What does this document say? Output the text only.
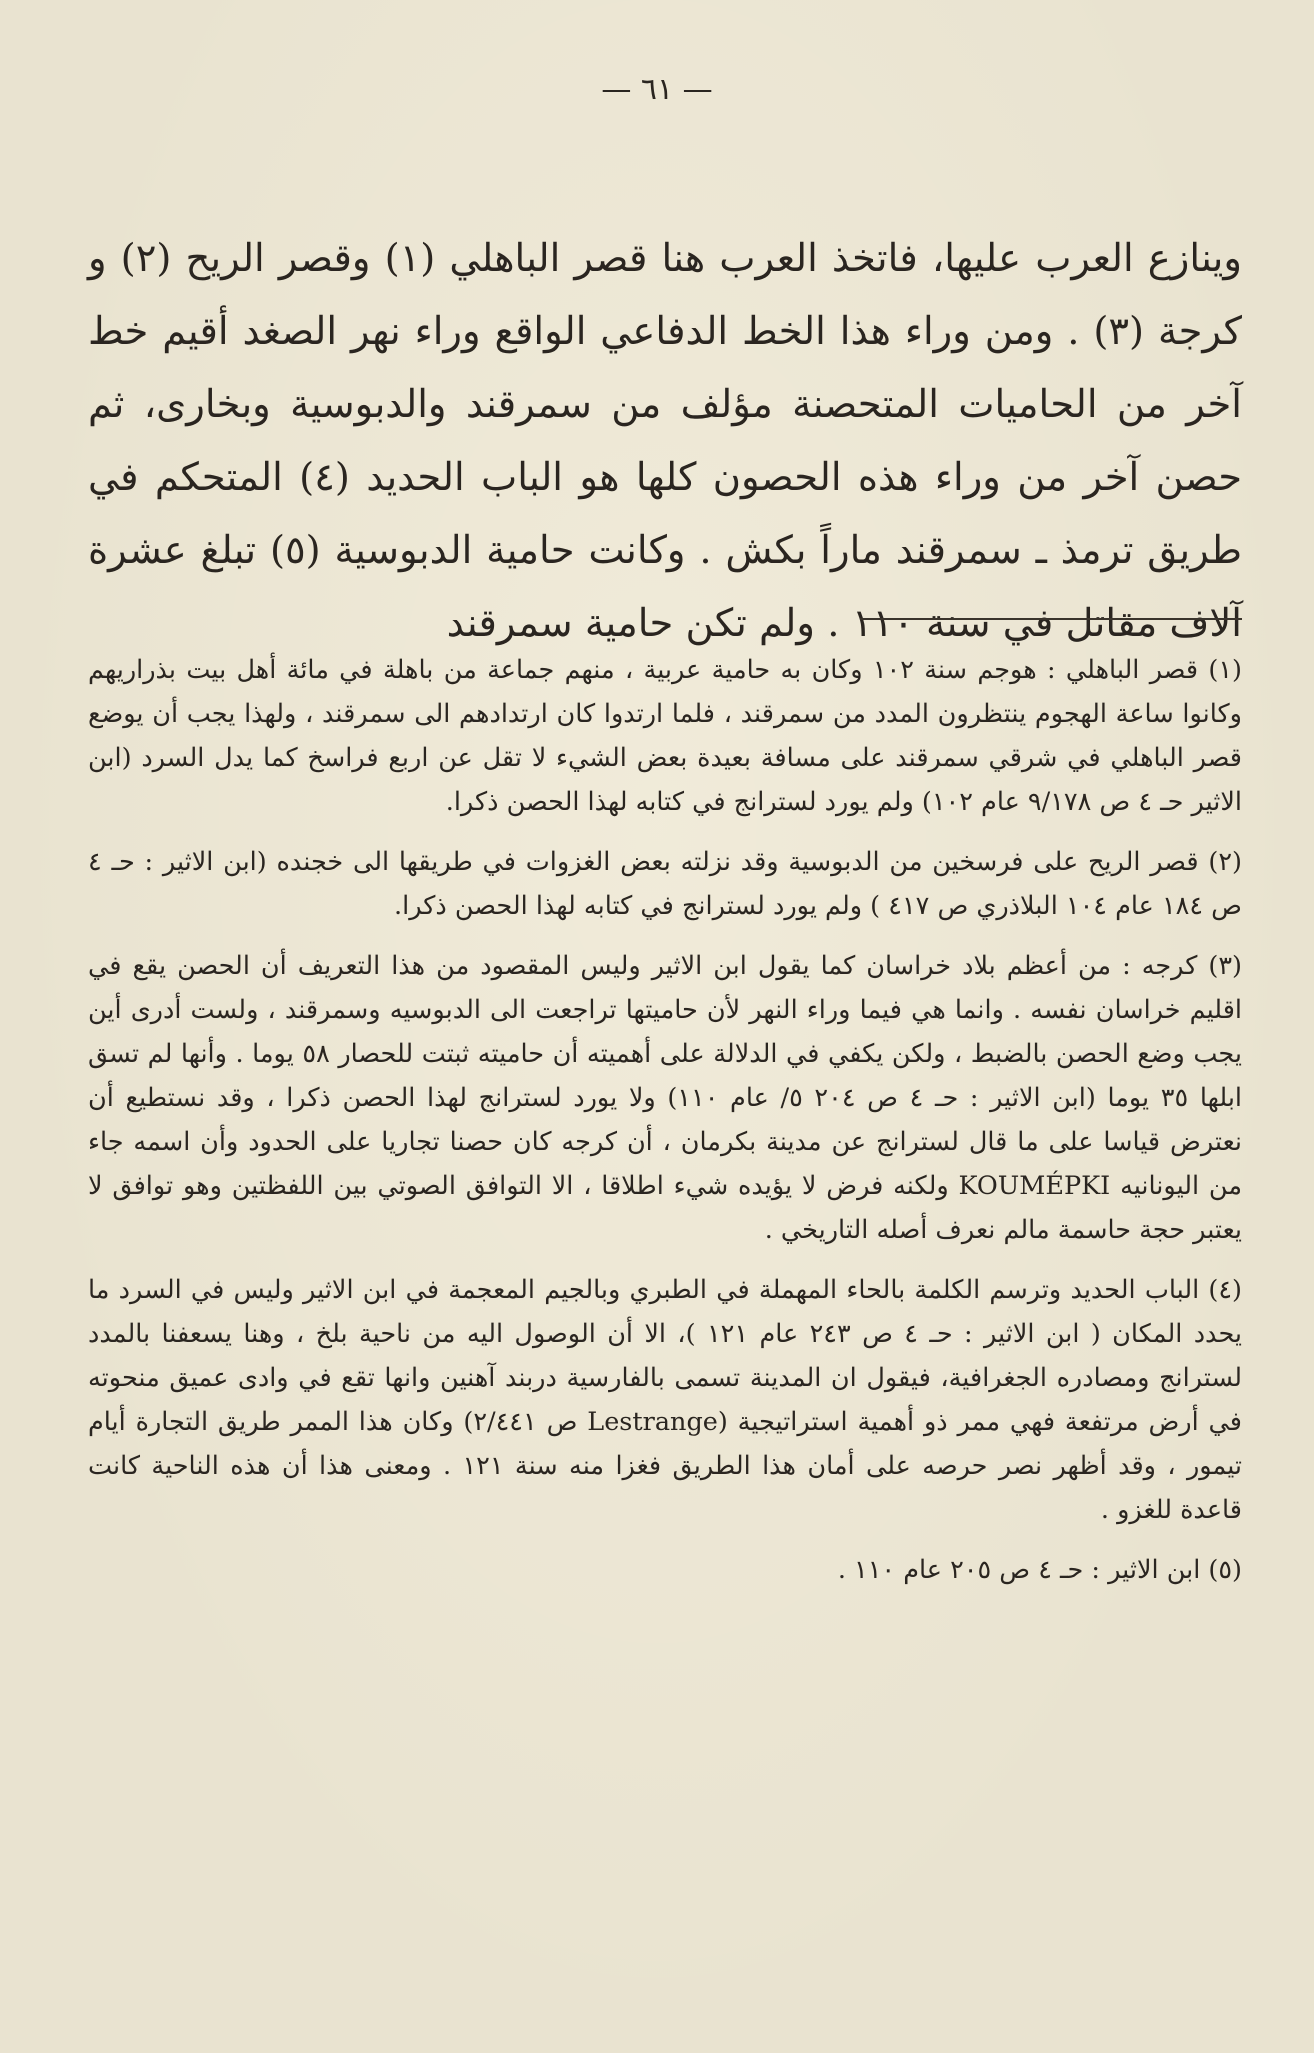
— ٦١ —

وينازع العرب عليها، فاتخذ العرب هنا قصر الباهلي (١) وقصر الريح (٢) و كرجة (٣) . ومن وراء هذا الخط الدفاعي الواقع وراء نهر الصغد أقيم خط آخر من الحاميات المتحصنة مؤلف من سمرقند والدبوسية وبخارى، ثم حصن آخر من وراء هذه الحصون كلها هو الباب الحديد (٤) المتحكم في طريق ترمذ ـ سمرقند ماراً بكش . وكانت حامية الدبوسية (٥) تبلغ عشرة آلاف مقاتل في سنة ١١٠ . ولم تكن حامية سمرقند

(١) قصر الباهلي : هوجم سنة ١٠٢ وكان به حامية عربية ، منهم جماعة من باهلة في مائة أهل بيت بذراريهم وكانوا ساعة الهجوم ينتظرون المدد من سمرقند ، فلما ارتدوا كان ارتدادهم الى سمرقند ، ولهذا يجب أن يوضع قصر الباهلي في شرقي سمرقند على مسافة بعيدة بعض الشيء لا تقل عن اربع فراسخ كما يدل السرد (ابن الاثير حـ ٤ ص ٩/١٧٨ عام ١٠٢) ولم يورد لسترانج في كتابه لهذا الحصن ذكرا.

(٢) قصر الريح على فرسخين من الدبوسية وقد نزلته بعض الغزوات في طريقها الى خجنده (ابن الاثير : حـ ٤ ص ١٨٤ عام ١٠٤ البلاذري ص ٤١٧ ) ولم يورد لسترانج في كتابه لهذا الحصن ذكرا.

(٣) كرجه : من أعظم بلاد خراسان كما يقول ابن الاثير وليس المقصود من هذا التعريف أن الحصن يقع في اقليم خراسان نفسه . وانما هي فيما وراء النهر لأن حاميتها تراجعت الى الدبوسيه وسمرقند ، ولست أدرى أين يجب وضع الحصن بالضبط ، ولكن يكفي في الدلالة على أهميته أن حاميته ثبتت للحصار ٥٨ يوما . وأنها لم تسق ابلها ٣٥ يوما (ابن الاثير : حـ ٤ ص ٢٠٤ ٥/ عام ١١٠) ولا يورد لسترانج لهذا الحصن ذكرا ، وقد نستطيع أن نعترض قياسا على ما قال لسترانج عن مدينة بكرمان ، أن كرجه كان حصنا تجاريا على الحدود وأن اسمه جاء من اليونانيه KOUMÉPKI ولكنه فرض لا يؤيده شيء اطلاقا ، الا التوافق الصوتي بين اللفظتين وهو توافق لا يعتبر حجة حاسمة مالم نعرف أصله التاريخي .

(٤) الباب الحديد وترسم الكلمة بالحاء المهملة في الطبري وبالجيم المعجمة في ابن الاثير وليس في السرد ما يحدد المكان ( ابن الاثير : حـ ٤ ص ٢٤٣ عام ١٢١ )، الا أن الوصول اليه من ناحية بلخ ، وهنا يسعفنا بالمدد لسترانج ومصادره الجغرافية، فيقول ان المدينة تسمى بالفارسية دربند آهنين وانها تقع في وادى عميق منحوته في أرض مرتفعة فهي ممر ذو أهمية استراتيجية (Lestrange ص ٢/٤٤١) وكان هذا الممر طريق التجارة أيام تيمور ، وقد أظهر نصر حرصه على أمان هذا الطريق فغزا منه سنة ١٢١ . ومعنى هذا أن هذه الناحية كانت قاعدة للغزو .

(٥) ابن الاثير : حـ ٤ ص ٢٠٥ عام ١١٠ .
